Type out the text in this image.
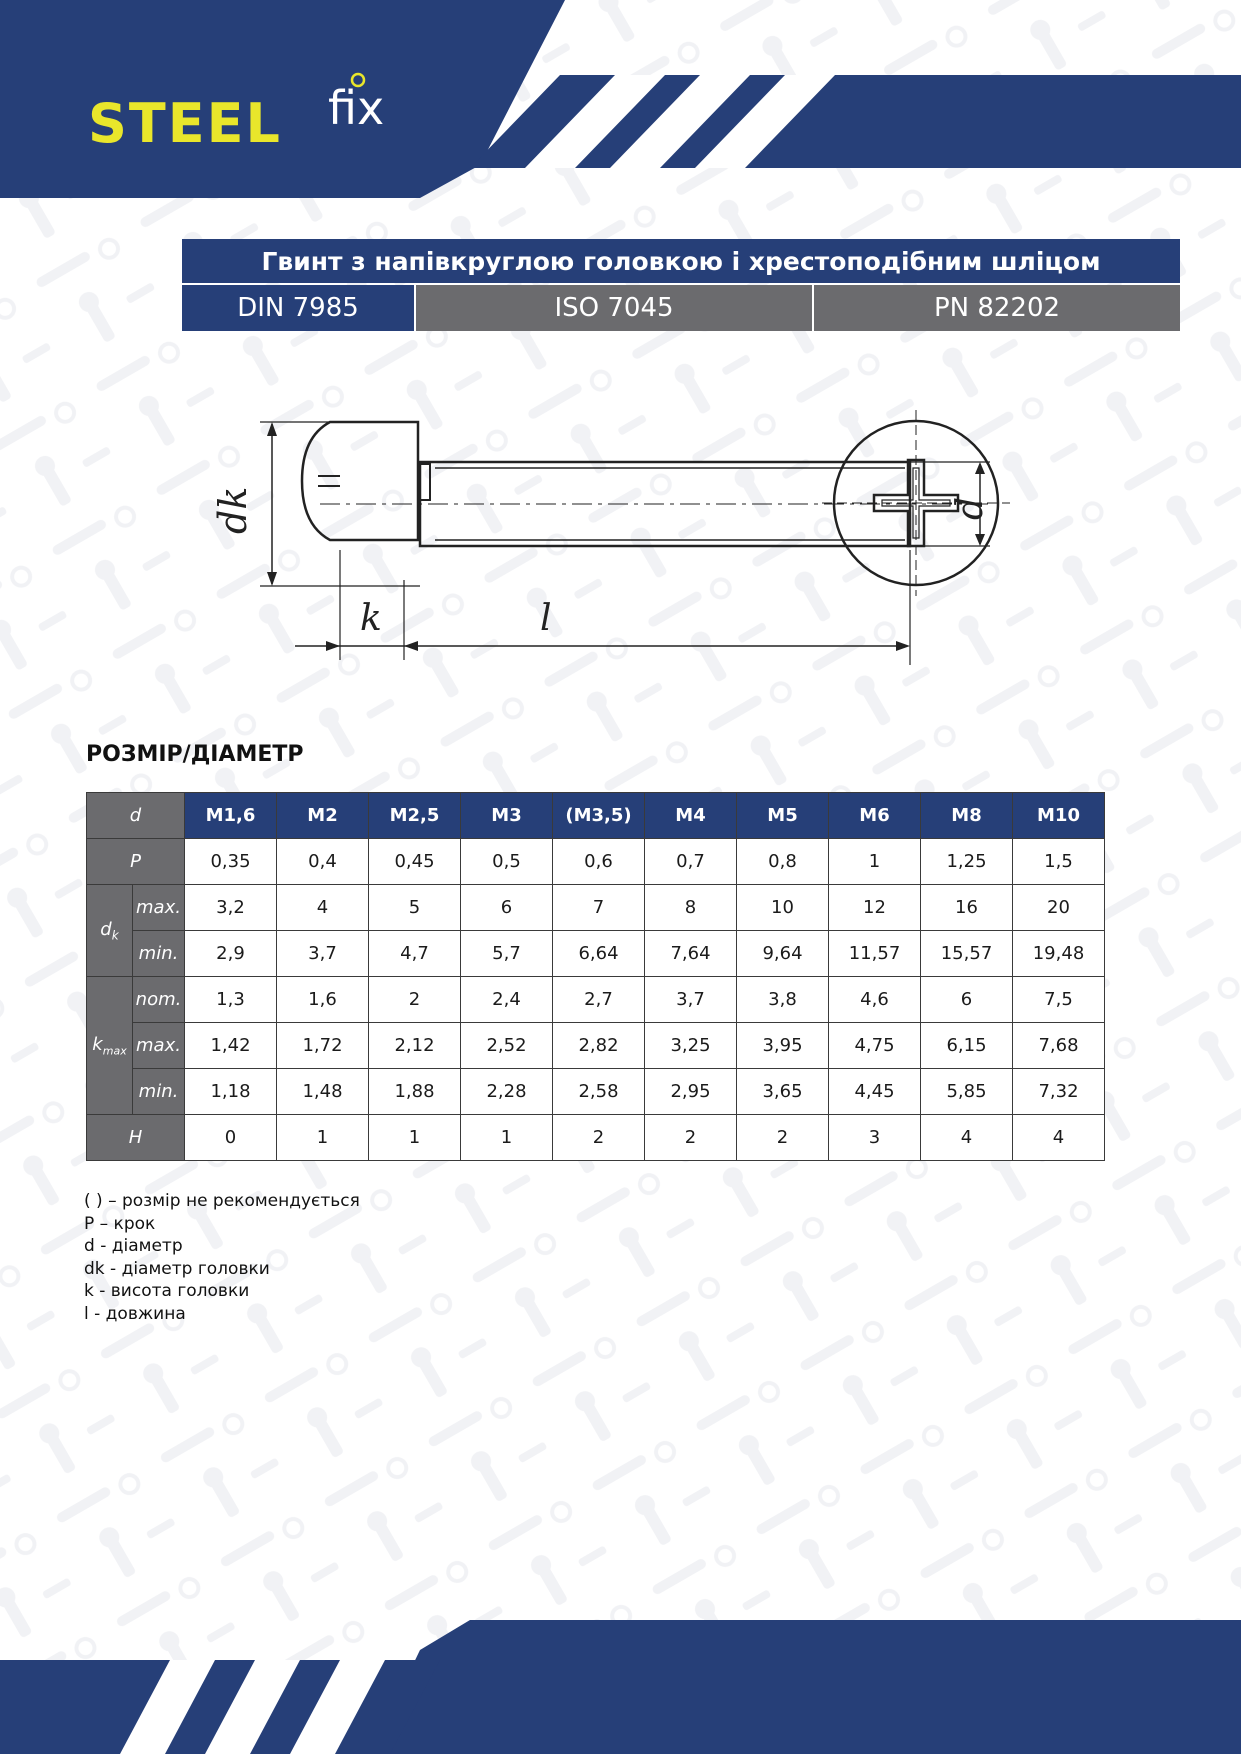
STEEL fix
Гвинт з напівкруглою головкою і хрестоподібним шліцом
DIN 7985	ISO 7045	PN 82202
dk	d
k	l
РОЗМІР/ДІАМЕТР
d		M1,6	M2	M2,5	M3	(M3,5)	M4	M5	M6	M8	M10
P		0,35	0,4	0,45	0,5	0,6	0,7	0,8	1	1,25	1,5
$d_k$	max.	3,2	4	5	6	7	8	10	12	16	20
	min.	2,9	3,7	4,7	5,7	6,64	7,64	9,64	11,57	15,57	19,48
$k_{max}$	nom.	1,3	1,6	2	2,4	2,7	3,7	3,8	4,6	6	7,5
	max.	1,42	1,72	2,12	2,52	2,82	3,25	3,95	4,75	6,15	7,68
	min.	1,18	1,48	1,88	2,28	2,58	2,95	3,65	4,45	5,85	7,32
H		0	1	1	1	2	2	2	3	4	4
( ) – розмір не рекомендується
P – крок
d - діаметр
dk - діаметр головки
k - висота головки
l - довжина
